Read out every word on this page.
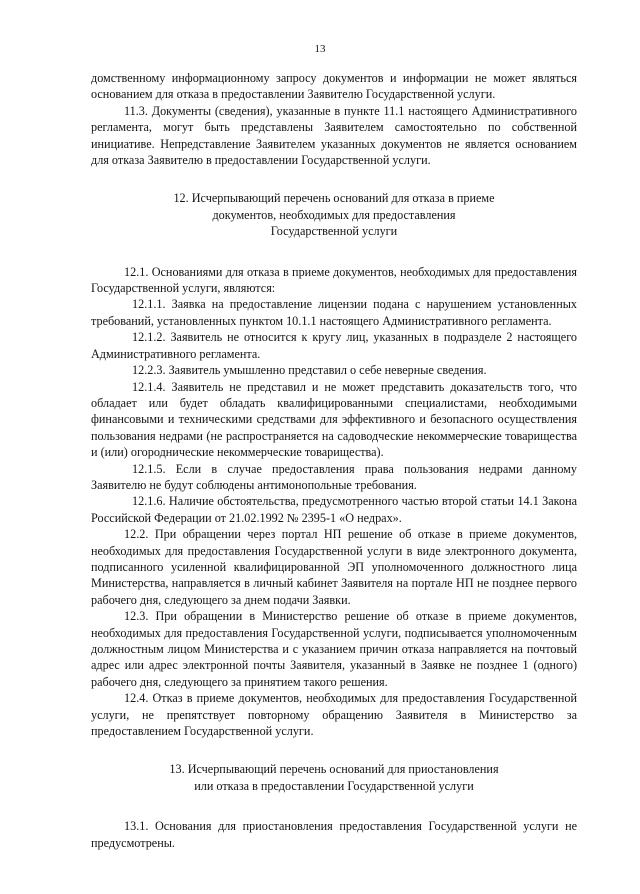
13

домственному информационному запросу документов и информации не может являться основанием для отказа в предоставлении Заявителю Государственной услуги.

11.3. Документы (сведения), указанные в пункте 11.1 настоящего Административного регламента, могут быть представлены Заявителем самостоятельно по собственной инициативе. Непредставление Заявителем указанных документов не является основанием для отказа Заявителю в предоставлении Государственной услуги.

12. Исчерпывающий перечень оснований для отказа в приеме
документов, необходимых для предоставления
Государственной услуги

12.1. Основаниями для отказа в приеме документов, необходимых для предоставления Государственной услуги, являются:

12.1.1. Заявка на предоставление лицензии подана с нарушением установленных требований, установленных пунктом 10.1.1 настоящего Административного регламента.

12.1.2. Заявитель не относится к кругу лиц, указанных в подразделе 2 настоящего Административного регламента.

12.2.3. Заявитель умышленно представил о себе неверные сведения.

12.1.4. Заявитель не представил и не может представить доказательств того, что обладает или будет обладать квалифицированными специалистами, необходимыми финансовыми и техническими средствами для эффективного и безопасного осуществления пользования недрами (не распространяется на садоводческие некоммерческие товарищества и (или) огороднические некоммерческие товарищества).

12.1.5. Если в случае предоставления права пользования недрами данному Заявителю не будут соблюдены антимонопольные требования.

12.1.6. Наличие обстоятельства, предусмотренного частью второй статьи 14.1 Закона Российской Федерации от 21.02.1992 № 2395-1 «О недрах».

12.2. При обращении через портал НП решение об отказе в приеме документов, необходимых для предоставления Государственной услуги в виде электронного документа, подписанного усиленной квалифицированной ЭП уполномоченного должностного лица Министерства, направляется в личный кабинет Заявителя на портале НП не позднее первого рабочего дня, следующего за днем подачи Заявки.

12.3. При обращении в Министерство решение об отказе в приеме документов, необходимых для предоставления Государственной услуги, подписывается уполномоченным должностным лицом Министерства и с указанием причин отказа направляется на почтовый адрес или адрес электронной почты Заявителя, указанный в Заявке не позднее 1 (одного) рабочего дня, следующего за принятием такого решения.

12.4. Отказ в приеме документов, необходимых для предоставления Государственной услуги, не препятствует повторному обращению Заявителя в Министерство за предоставлением Государственной услуги.

13. Исчерпывающий перечень оснований для приостановления
или отказа в предоставлении Государственной услуги

13.1. Основания для приостановления предоставления Государственной услуги не предусмотрены.
